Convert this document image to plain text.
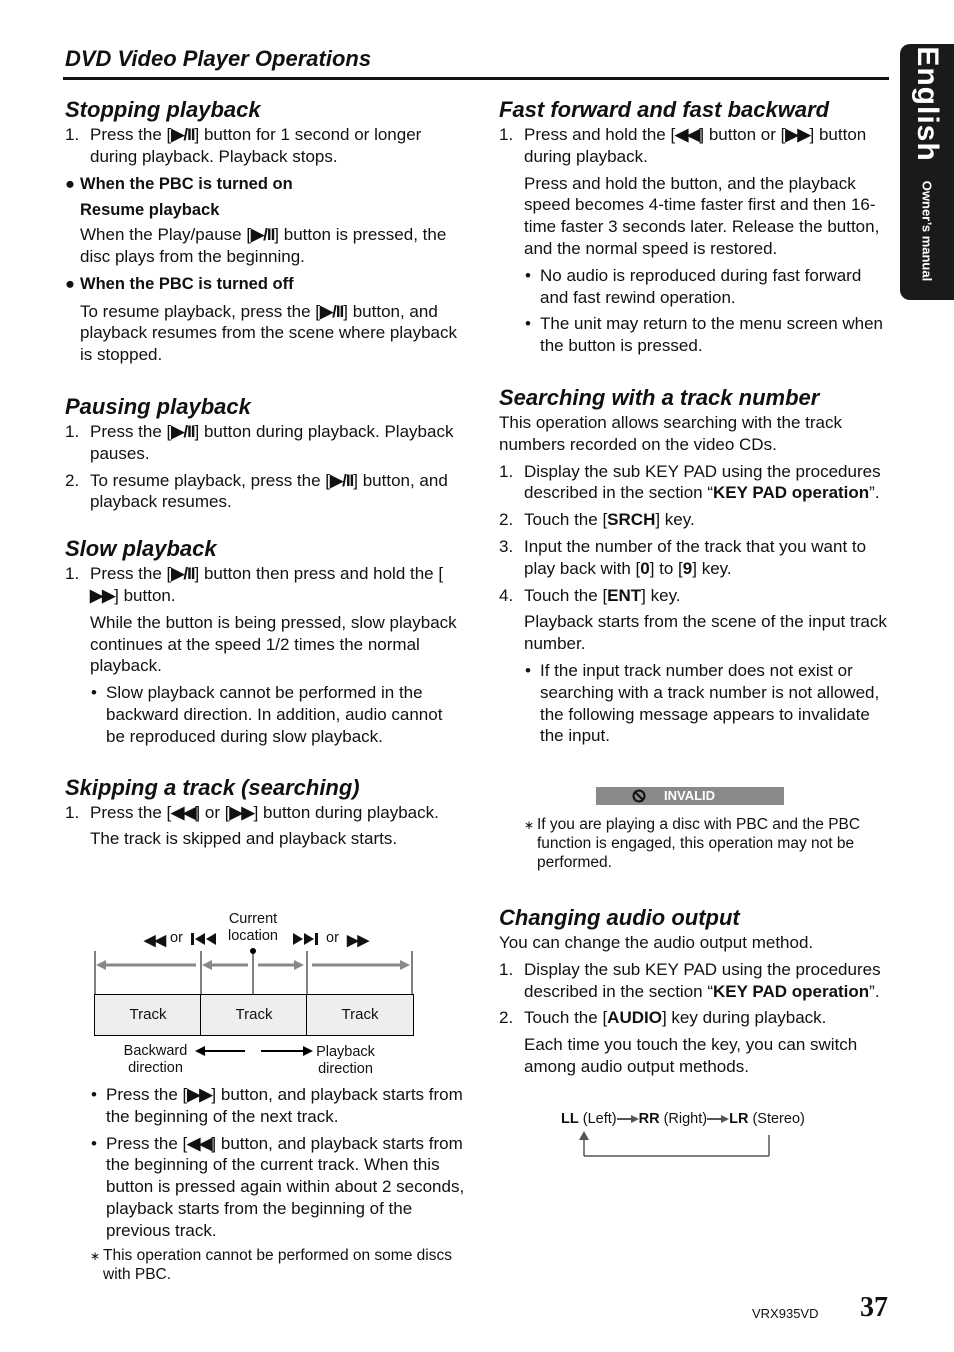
DVD Video Player Operations	English
Owner’s manual
Stopping playback

1. Press the [▶/II] button for 1 second or longer during playback. Playback stops.

● When the PBC is turned on

Resume playback

When the Play/pause [▶/II] button is pressed, the disc plays from the beginning.

● When the PBC is turned off

To resume playback, press the [▶/II] button, and playback resumes from the scene where playback is stopped.

Pausing playback

1. Press the [▶/II] button during playback. Playback pauses.

2. To resume playback, press the [▶/II] button, and playback resumes.

Slow playback

1. Press the [▶/II] button then press and hold the [▶▶] button.

While the button is being pressed, slow playback continues at the speed 1/2 times the normal playback.

• Slow playback cannot be performed in the backward direction. In addition, audio cannot be reproduced during slow playback.

Skipping a track (searching)

1. Press the [◀◀] or [▶▶] button during playback.

The track is skipped and playback starts.

◀◀ or
Current location	or ▶▶
Track	Track	Track
Backward direction
Playback direction

• Press the [▶▶] button, and playback starts from the beginning of the next track.

• Press the [◀◀] button, and playback starts from the beginning of the current track. When this button is pressed again within about 2 seconds, playback starts from the beginning of the previous track.

∗ This operation cannot be performed on some discs with PBC.

Fast forward and fast backward

1. Press and hold the [◀◀] button or [▶▶] button during playback.

Press and hold the button, and the playback speed becomes 4-time faster first and then 16-time faster 3 seconds later. Release the button, and the normal speed is restored.

• No audio is reproduced during fast forward and fast rewind operation.

• The unit may return to the menu screen when the button is pressed.

Searching with a track number

This operation allows searching with the track numbers recorded on the video CDs.

1. Display the sub KEY PAD using the procedures described in the section “KEY PAD operation”.

2. Touch the [SRCH] key.

3. Input the number of the track that you want to play back with [0] to [9] key.

4. Touch the [ENT] key.

Playback starts from the scene of the input track number.

• If the input track number does not exist or searching with a track number is not allowed, the following message appears to invalidate the input.

INVALID

∗ If you are playing a disc with PBC and the PBC function is engaged, this operation may not be performed.

Changing audio output

You can change the audio output method.

1. Display the sub KEY PAD using the procedures described in the section “KEY PAD operation”.

2. Touch the [AUDIO] key during playback.

Each time you touch the key, you can switch among audio output methods.

LL (Left) RR (Right) LR (Stereo)
VRX935VD 37
